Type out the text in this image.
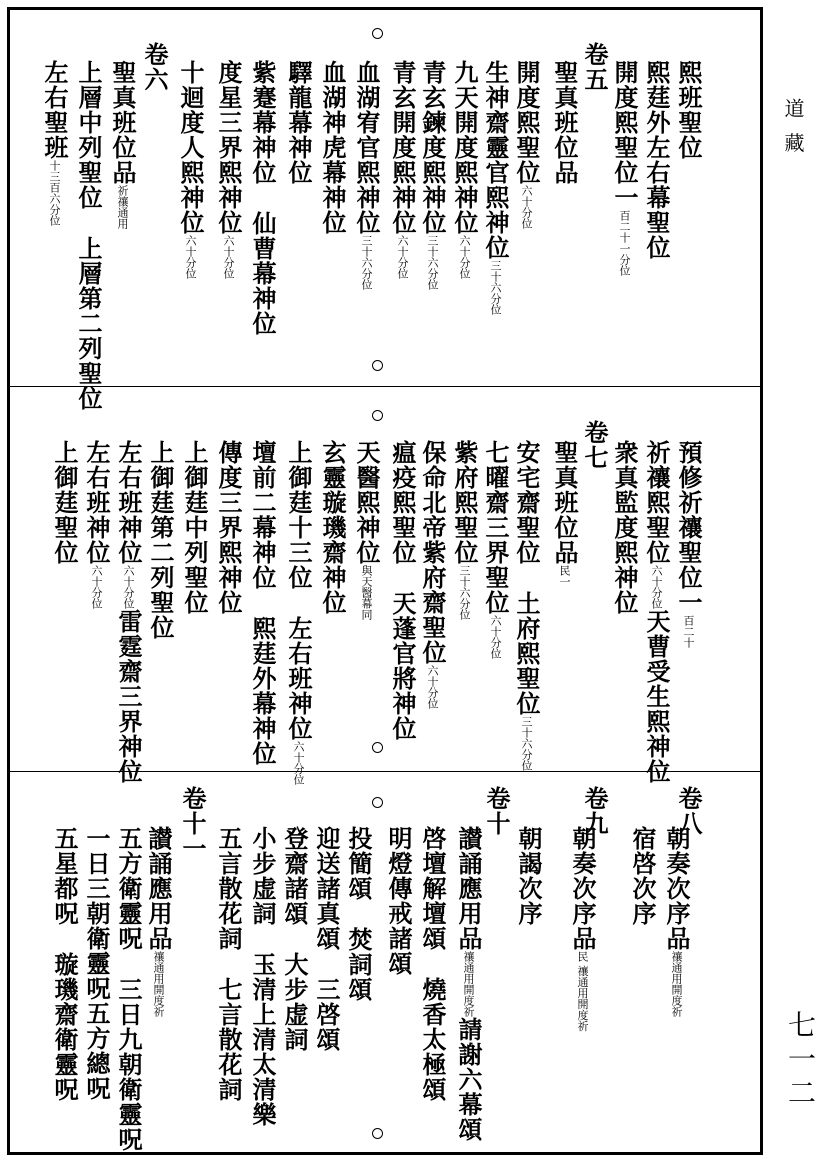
道 藏
七一二
熙班聖位
熙莛外左右幕聖位
開度熙聖位一百二十一分位
卷五
聖真班位品
開度熙聖位六十分位
生神齋靈官熙神位三十六分位
九天開度熙神位六十分位
青玄鍊度熙神位三十六分位
青玄開度熙神位六十分位
血湖宥官熙神位三十六分位
血湖神虎幕神位
驛龍幕神位
紫蹇幕神位仙曹幕神位
度星三界熙神位六十分位
十迴度人熙神位六十分位
卷六
聖真班位品祈禳通用
上層中列聖位上層第二列聖位
左右聖班十三百六分位
預修祈禳聖位一百二十
祈禳熙聖位六十分位天曹受生熙神位
衆真監度熙神位
卷七
聖真班位品民一
安宅齋聖位土府熙聖位三十六分位
七曜齋三界聖位六十分位
紫府熙聖位三十六分位
保命北帝紫府齋聖位六十分位
瘟疫熙聖位天蓬官將神位
天醫熙神位與天醫幕同
玄靈璇璣齋神位
上御莛十三位左右班神位六十分位
壇前二幕神位熙莛外幕神位
傳度三界熙神位
上御莛中列聖位
上御莛第二列聖位
左右班神位六十分位雷霆齋三界神位
左右班神位六十分位
上御莛聖位
卷八
朝奏次序品禳通用開度祈
宿啓次序
卷九
朝奏次序品民 禳通用開度祈
朝謁次序
卷十
讃誦應用品禳通用開度祈請謝六幕頌
啓壇解壇頌燒香太極頌
明燈傳戒諸頌
投簡頌焚詞頌
迎送諸真頌三啓頌
登齋諸頌大步虚詞
小步虚詞玉清上清太清樂
五言散花詞七言散花詞
卷十一
讃誦應用品禳通用開度祈
五方衛靈呪三日九朝衛靈呪
一日三朝衛靈呪五方總呪
五星都呪璇璣齋衛靈呪
